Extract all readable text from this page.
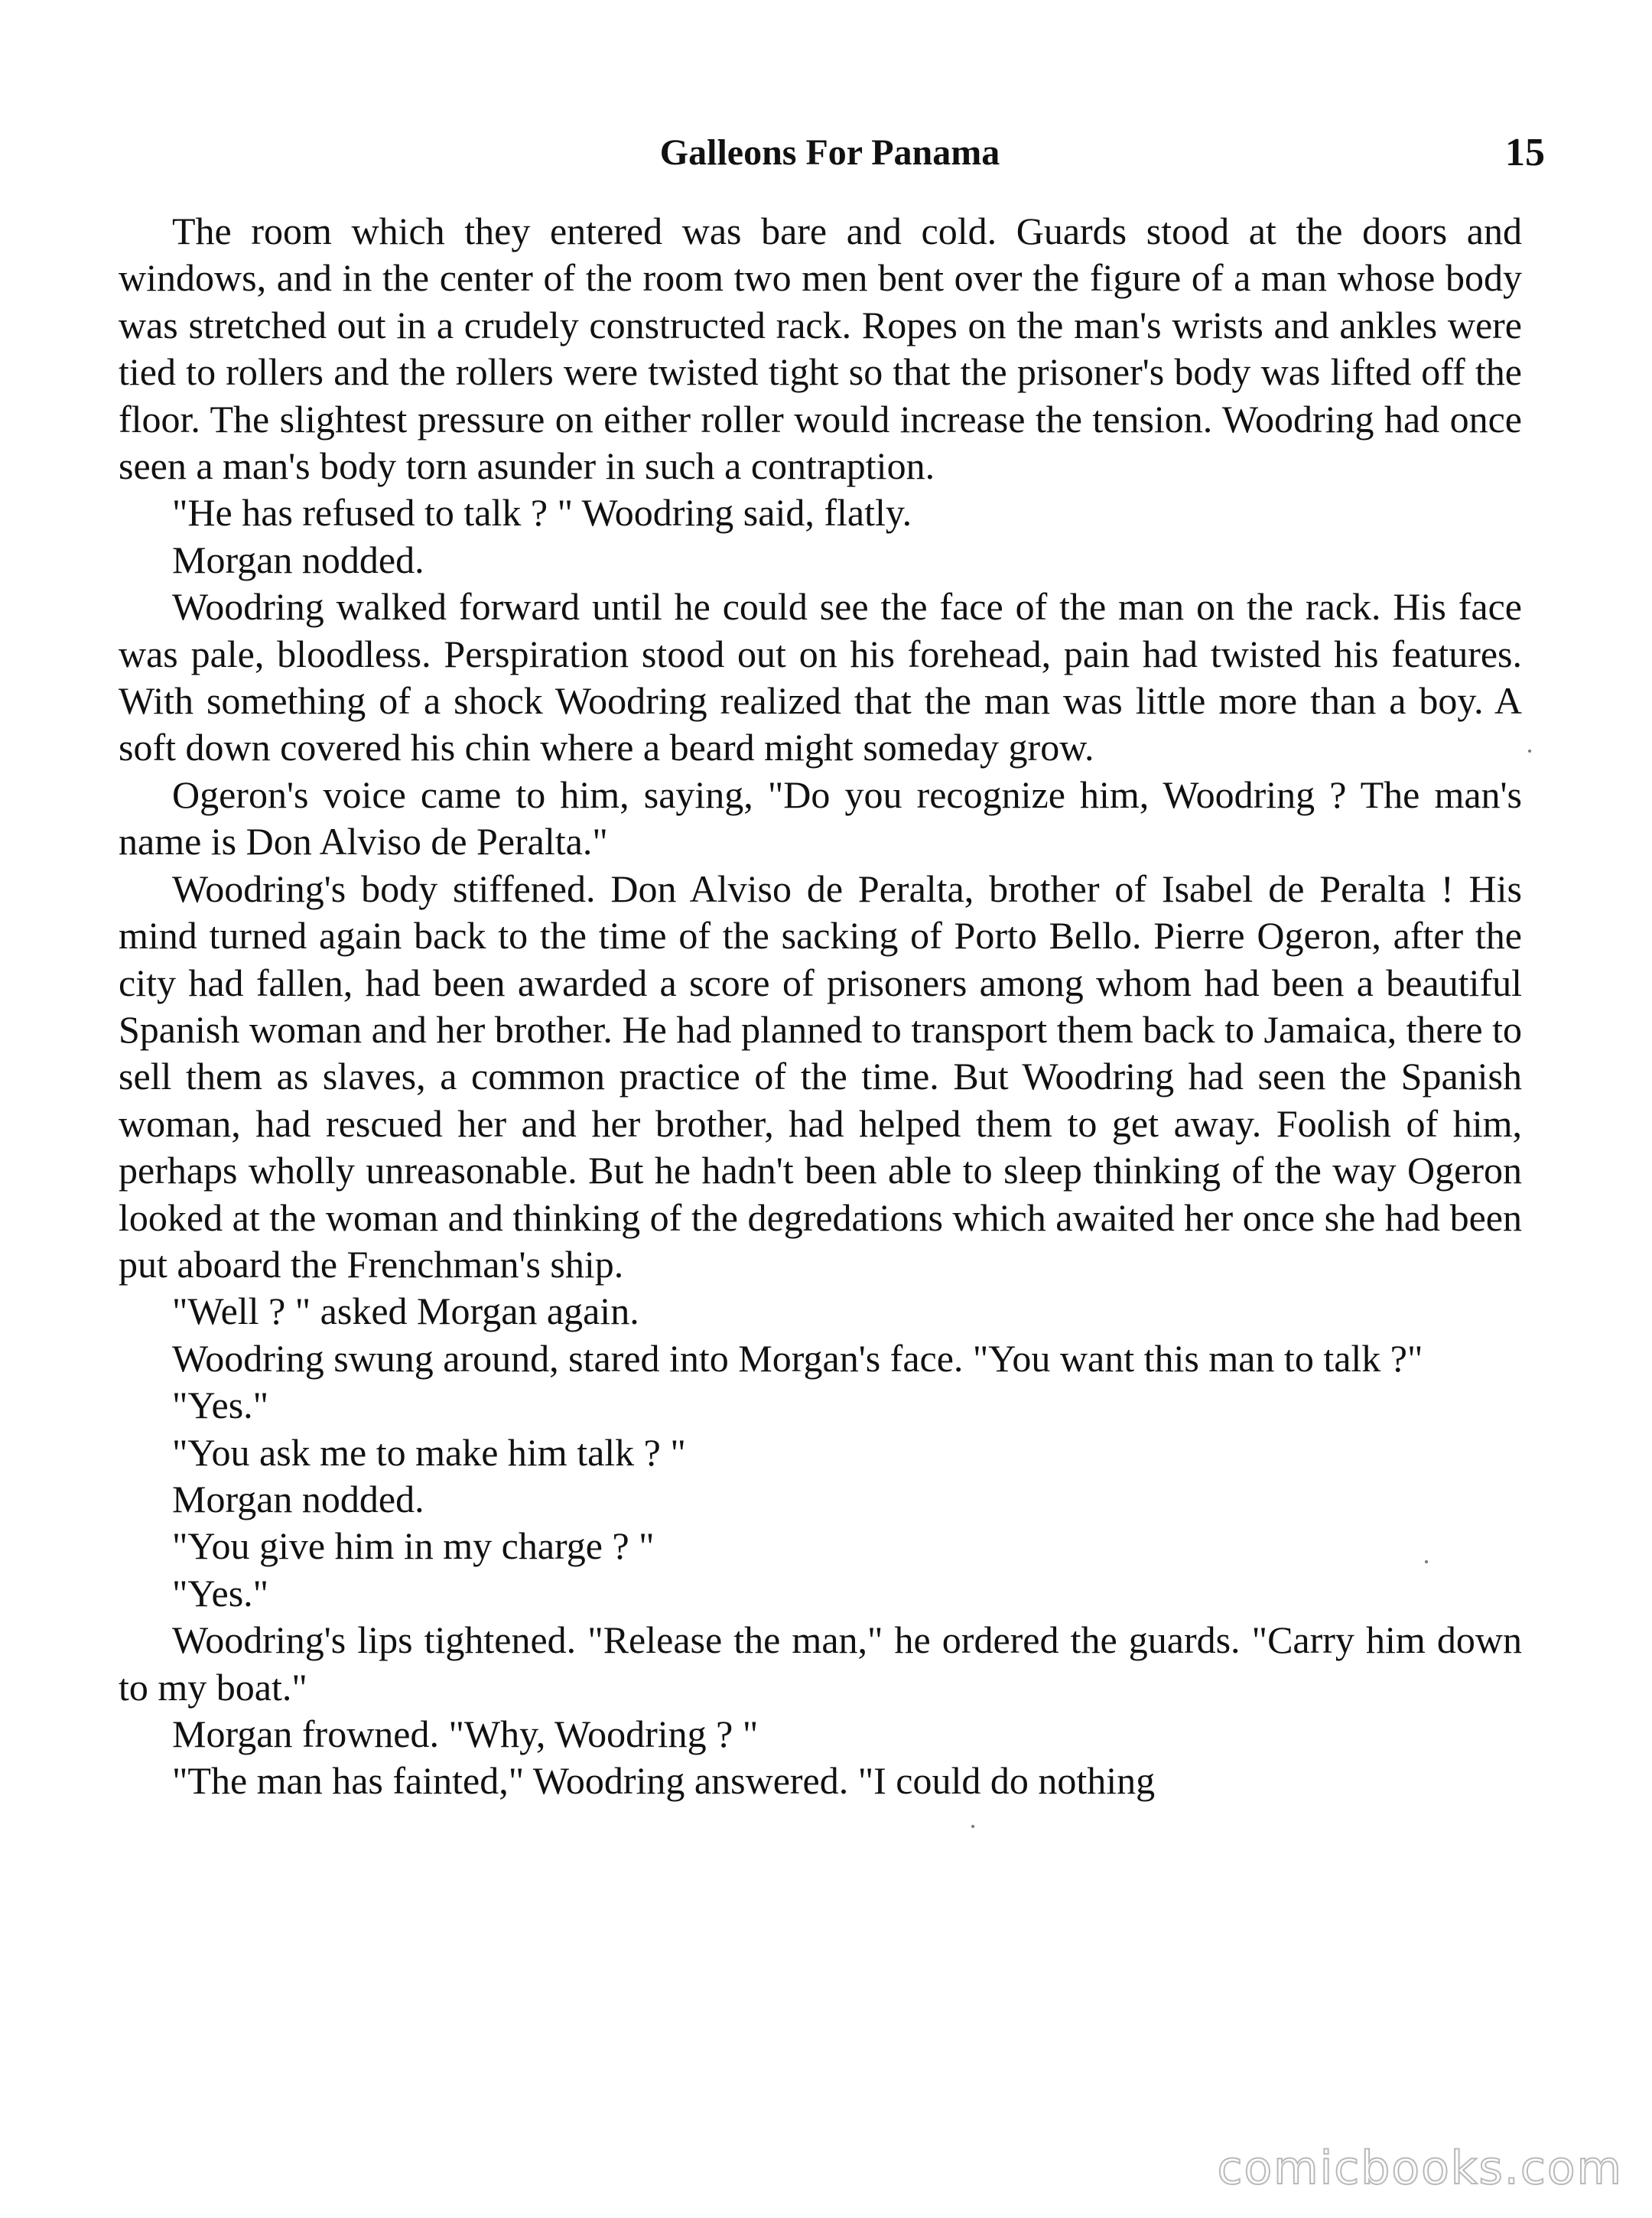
Galleons For Panama	15

The room which they entered was bare and cold. Guards stood at the doors and windows, and in the center of the room two men bent over the figure of a man whose body was stretched out in a crudely constructed rack. Ropes on the man's wrists and ankles were tied to rollers and the rollers were twisted tight so that the prisoner's body was lifted off the floor. The slightest pressure on either roller would increase the tension. Woodring had once seen a man's body torn asunder in such a contraption.

"He has refused to talk ? " Woodring said, flatly.

Morgan nodded.

Woodring walked forward until he could see the face of the man on the rack. His face was pale, bloodless. Perspiration stood out on his forehead, pain had twisted his features. With something of a shock Woodring realized that the man was little more than a boy. A soft down covered his chin where a beard might someday grow.

Ogeron's voice came to him, saying, "Do you recognize him, Woodring ? The man's name is Don Alviso de Peralta."

Woodring's body stiffened. Don Alviso de Peralta, brother of Isabel de Peralta ! His mind turned again back to the time of the sacking of Porto Bello. Pierre Ogeron, after the city had fallen, had been awarded a score of prisoners among whom had been a beautiful Spanish woman and her brother. He had planned to transport them back to Jamaica, there to sell them as slaves, a common practice of the time. But Woodring had seen the Spanish woman, had rescued her and her brother, had helped them to get away. Foolish of him, perhaps wholly unreasonable. But he hadn't been able to sleep thinking of the way Ogeron looked at the woman and thinking of the degredations which awaited her once she had been put aboard the Frenchman's ship.

"Well ? " asked Morgan again.

Woodring swung around, stared into Morgan's face. "You want this man to talk ?"

"Yes."

"You ask me to make him talk ? "

Morgan nodded.

"You give him in my charge ? "

"Yes."

Woodring's lips tightened. "Release the man," he ordered the guards. "Carry him down to my boat."

Morgan frowned. "Why, Woodring ? "

"The man has fainted," Woodring answered. "I could do nothing

comicbooks.com
